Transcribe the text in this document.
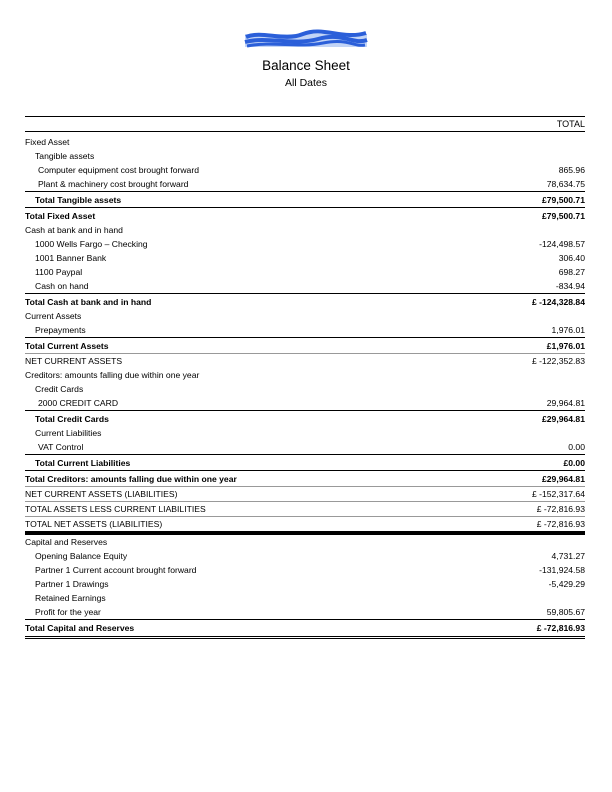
Balance Sheet
All Dates
TOTAL
Fixed Asset
Tangible assets
Computer equipment cost brought forward	865.96
Plant & machinery cost brought forward	78,634.75
Total Tangible assets	£79,500.71
Total Fixed Asset	£79,500.71
Cash at bank and in hand
1000 Wells Fargo – Checking	-124,498.57
1001 Banner Bank	306.40
1100 Paypal	698.27
Cash on hand	-834.94
Total Cash at bank and in hand	£ -124,328.84
Current Assets
Prepayments	1,976.01
Total Current Assets	£1,976.01
NET CURRENT ASSETS	£ -122,352.83
Creditors: amounts falling due within one year
Credit Cards
2000 CREDIT CARD	29,964.81
Total Credit Cards	£29,964.81
Current Liabilities
VAT Control	0.00
Total Current Liabilities	£0.00
Total Creditors: amounts falling due within one year	£29,964.81
NET CURRENT ASSETS (LIABILITIES)	£ -152,317.64
TOTAL ASSETS LESS CURRENT LIABILITIES	£ -72,816.93
TOTAL NET ASSETS (LIABILITIES)	£ -72,816.93
Capital and Reserves
Opening Balance Equity	4,731.27
Partner 1 Current account brought forward	-131,924.58
Partner 1 Drawings	-5,429.29
Retained Earnings
Profit for the year	59,805.67
Total Capital and Reserves	£ -72,816.93
